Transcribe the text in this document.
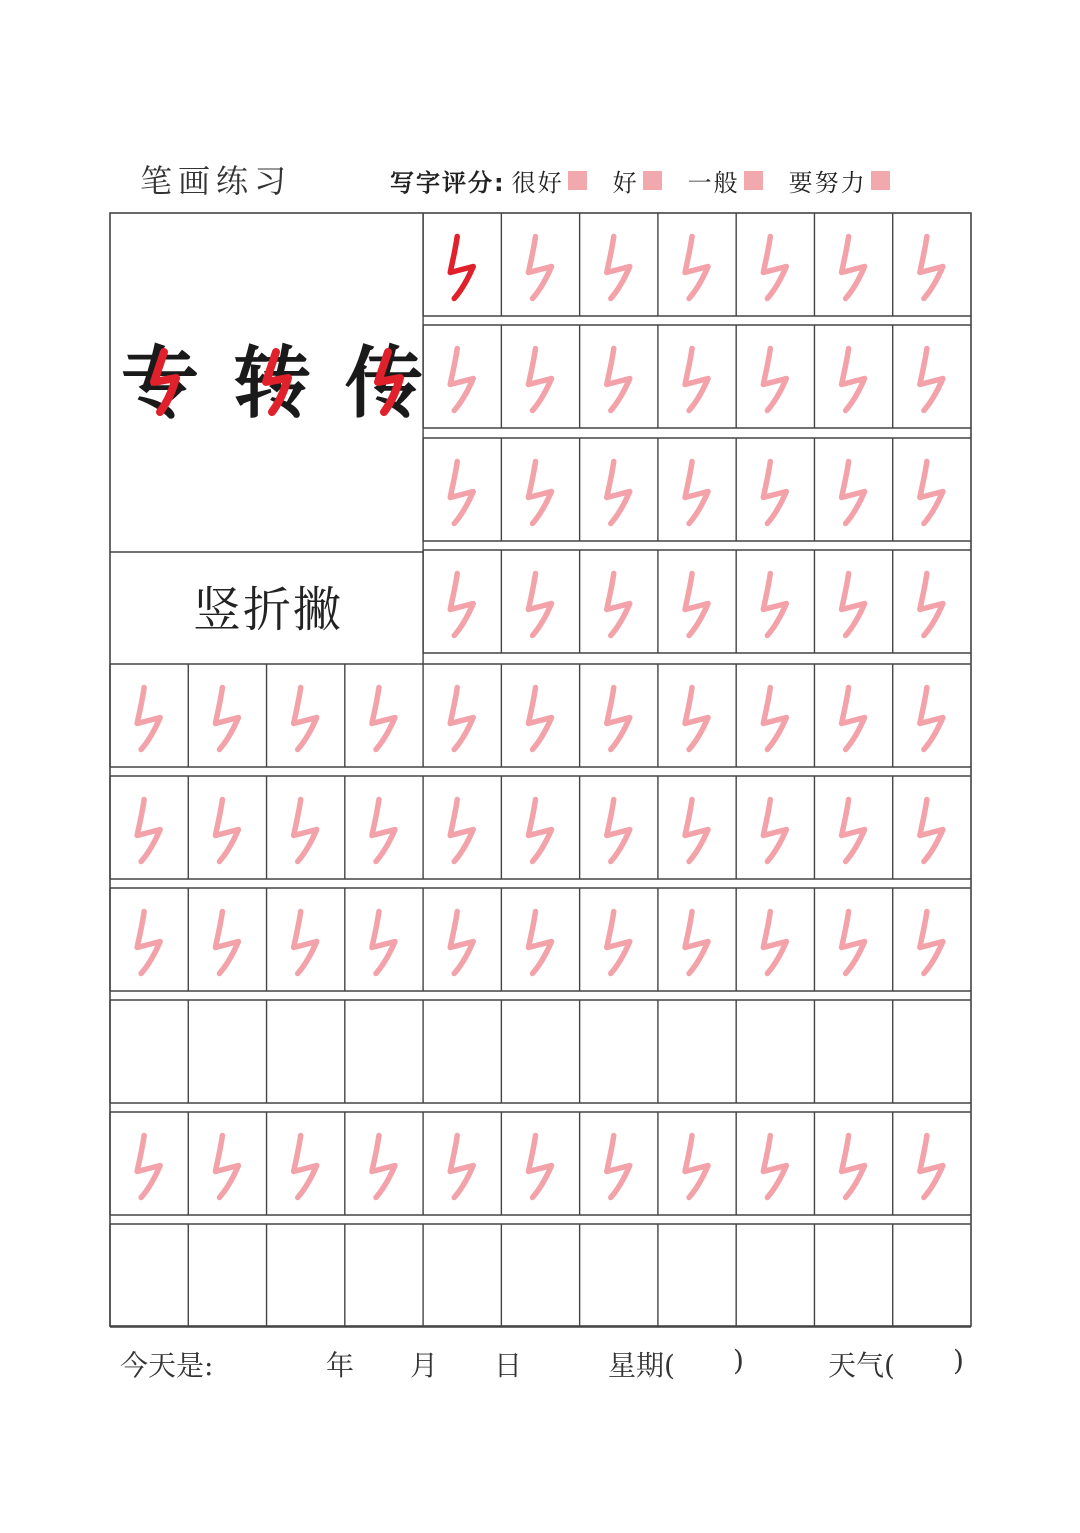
笔画练习	写字评分: 很好 好 一般 要努力
专 转 传
竖折撇
今天是:	年 月 日	星期( )	天气( )
